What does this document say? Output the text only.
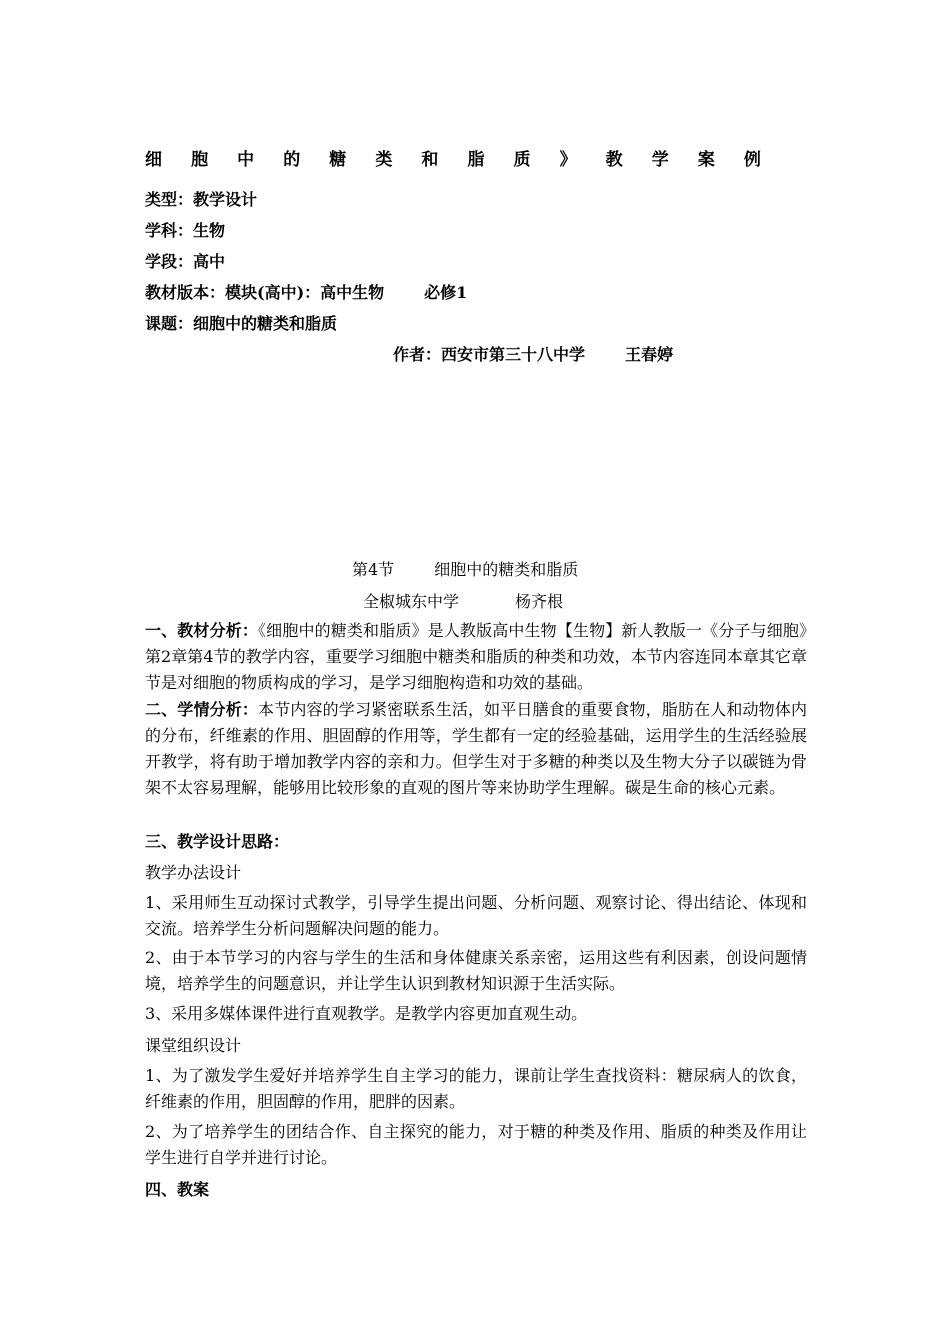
细 胞 中 的 糖 类 和 脂 质 》 教 学 案 例
类型：教学设计
学科：生物
学段：高中
教材版本：模块(高中)：高中生物	必修1
课题：细胞中的糖类和脂质
作者：西安市第三十八中学	王春婷
第4节	细胞中的糖类和脂质
全椒城东中学	杨齐根
一、教材分析：《细胞中的糖类和脂质》是人教版高中生物【生物】新人教版一《分子与细胞》第2章第4节的教学内容，重要学习细胞中糖类和脂质的种类和功效，本节内容连同本章其它章节是对细胞的物质构成的学习，是学习细胞构造和功效的基础。
二、学情分析：本节内容的学习紧密联系生活，如平日膳食的重要食物，脂肪在人和动物体内的分布，纤维素的作用、胆固醇的作用等，学生都有一定的经验基础，运用学生的生活经验展开教学，将有助于增加教学内容的亲和力。但学生对于多糖的种类以及生物大分子以碳链为骨架不太容易理解，能够用比较形象的直观的图片等来协助学生理解。碳是生命的核心元素。
三、教学设计思路：
教学办法设计
1、采用师生互动探讨式教学，引导学生提出问题、分析问题、观察讨论、得出结论、体现和交流。培养学生分析问题解决问题的能力。
2、由于本节学习的内容与学生的生活和身体健康关系亲密，运用这些有利因素，创设问题情境，培养学生的问题意识，并让学生认识到教材知识源于生活实际。
3、采用多媒体课件进行直观教学。是教学内容更加直观生动。
课堂组织设计
1、为了激发学生爱好并培养学生自主学习的能力，课前让学生查找资料：糖尿病人的饮食，纤维素的作用，胆固醇的作用，肥胖的因素。
2、为了培养学生的团结合作、自主探究的能力，对于糖的种类及作用、脂质的种类及作用让学生进行自学并进行讨论。
四、教案
